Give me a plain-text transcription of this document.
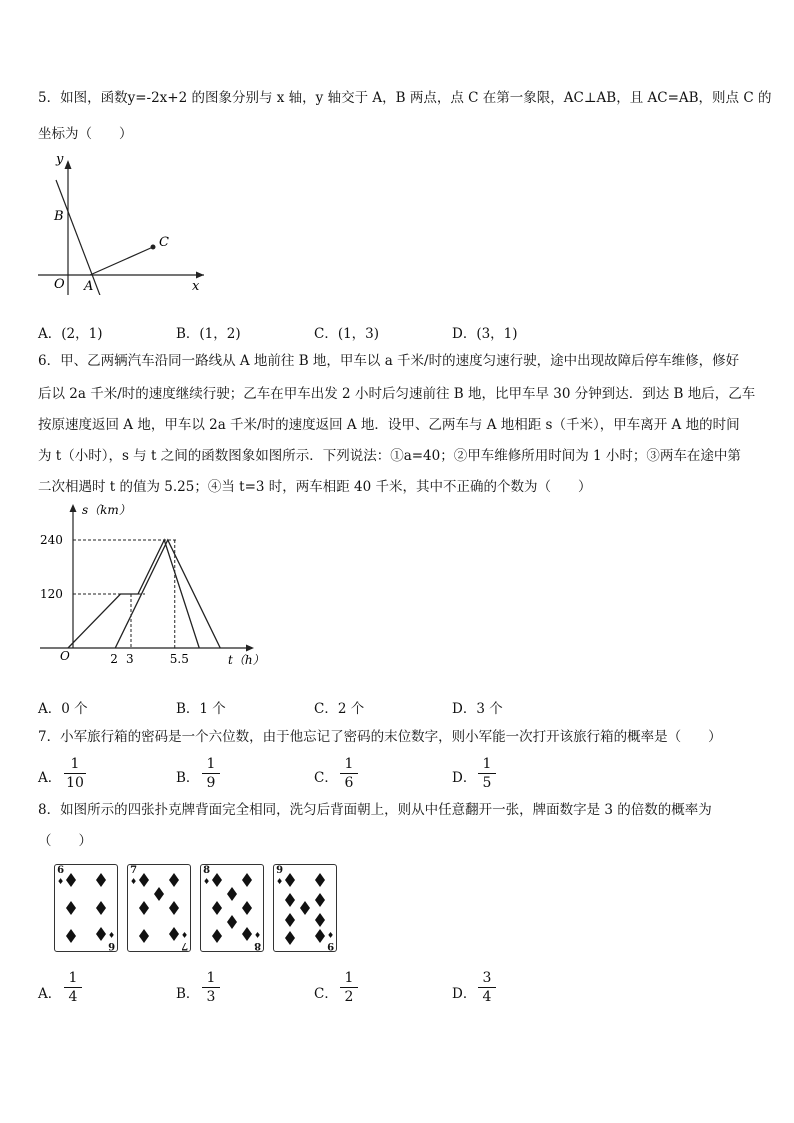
5．如图，函数y=-2x+2 的图象分别与 x 轴，y 轴交于 A，B 两点，点 C 在第一象限，AC⊥AB，且 AC=AB，则点 C 的
坐标为（　　）
y
x
O A
B
C
A．(2，1)	B．(1，2)	C．(1，3)	D．(3，1)
6．甲、乙两辆汽车沿同一路线从 A 地前往 B 地，甲车以 a 千米/时的速度匀速行驶，途中出现故障后停车维修，修好
后以 2a 千米/时的速度继续行驶；乙车在甲车出发 2 小时后匀速前往 B 地，比甲车早 30 分钟到达．到达 B 地后，乙车
按原速度返回 A 地，甲车以 2a 千米/时的速度返回 A 地．设甲、乙两车与 A 地相距 s（千米），甲车离开 A 地的时间
为 t（小时），s 与 t 之间的函数图象如图所示．下列说法：①a=40；②甲车维修所用时间为 1 小时；③两车在途中第
二次相遇时 t 的值为 5.25；④当 t=3 时，两车相距 40 千米，其中不正确的个数为（　　）
2 3	5.5
120
240
s（km）
t（h）
O
A．0 个	B．1 个	C．2 个	D．3 个
7．小军旅行箱的密码是一个六位数，由于他忘记了密码的末位数字，则小军能一次打开该旅行箱的概率是（　　）
A．
1
10	B．
1
9	C．
1
6	D．
1
5
8．如图所示的四张扑克牌背面完全相同，洗匀后背面朝上，则从中任意翻开一张，牌面数字是 3 的倍数的概率为
（　　）
6
♦
6
♦
7
♦
7
♦
8
♦
8
♦
9
♦
9
♦
A．
1
4	B．
1
3	C．
1
2	D．
3
4
